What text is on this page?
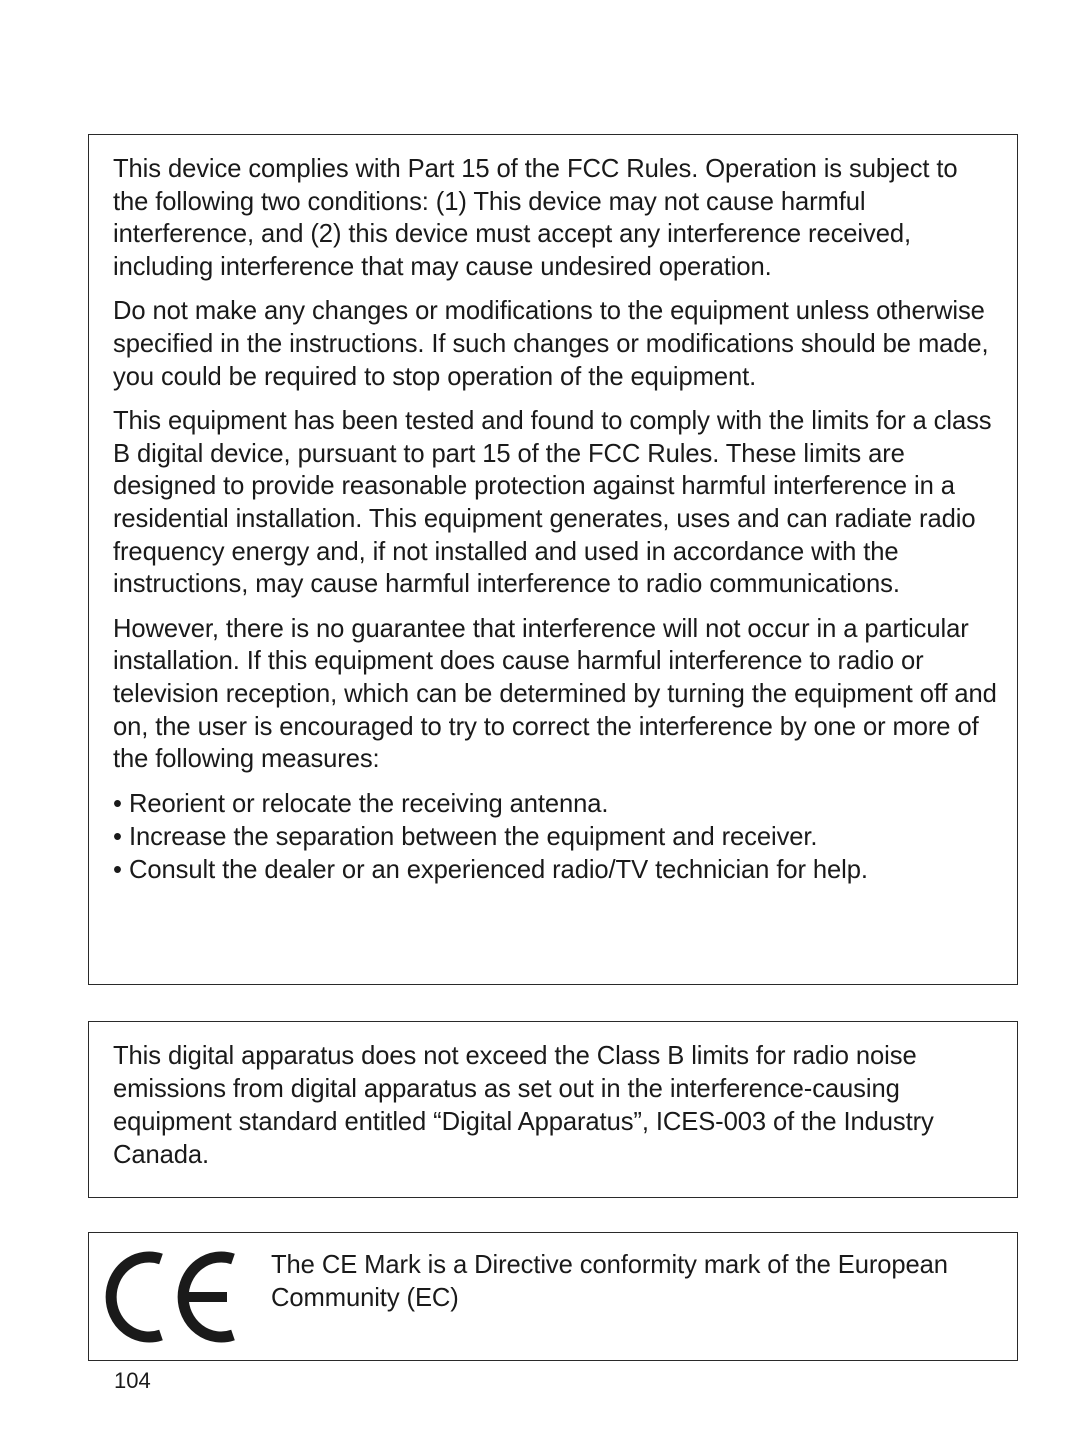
This device complies with Part 15 of the FCC Rules. Operation is subject to the following two conditions: (1) This device may not cause harmful interference, and (2) this device must accept any interference received, including interference that may cause undesired operation.

Do not make any changes or modifications to the equipment unless otherwise specified in the instructions. If such changes or modifications should be made, you could be required to stop operation of the equipment.

This equipment has been tested and found to comply with the limits for a class B digital device, pursuant to part 15 of the FCC Rules. These limits are designed to provide reasonable protection against harmful interference in a residential installation. This equipment generates, uses and can radiate radio frequency energy and, if not installed and used in accordance with the instructions, may cause harmful interference to radio communications.

However, there is no guarantee that interference will not occur in a particular installation. If this equipment does cause harmful interference to radio or television reception, which can be determined by turning the equipment off and on, the user is encouraged to try to correct the interference by one or more of the following measures:

• Reorient or relocate the receiving antenna.
• Increase the separation between the equipment and receiver.
• Consult the dealer or an experienced radio/TV technician for help.

This digital apparatus does not exceed the Class B limits for radio noise emissions from digital apparatus as set out in the interference-causing equipment standard entitled “Digital Apparatus”, ICES-003 of the Industry Canada.

The CE Mark is a Directive conformity mark of the European Community (EC)

104
